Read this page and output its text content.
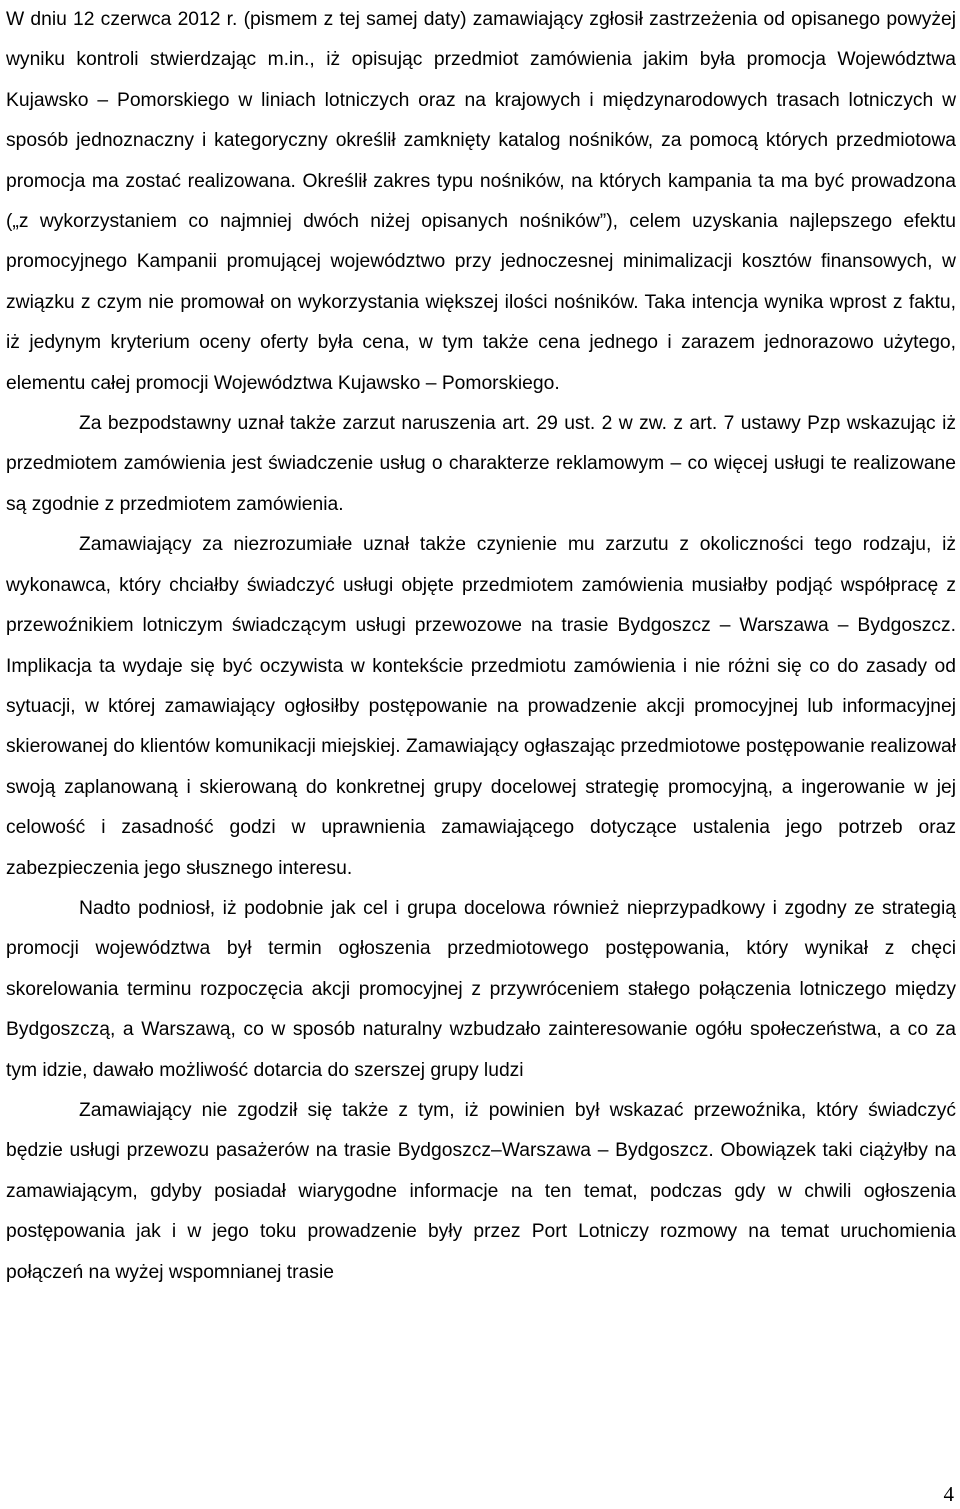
W dniu 12 czerwca 2012 r. (pismem z tej samej daty) zamawiający zgłosił zastrzeżenia od opisanego powyżej wyniku kontroli stwierdzając m.in., iż opisując przedmiot zamówienia jakim była promocja Województwa Kujawsko – Pomorskiego w liniach lotniczych oraz na krajowych i międzynarodowych trasach lotniczych w sposób jednoznaczny i kategoryczny określił zamknięty katalog nośników, za pomocą których przedmiotowa promocja ma zostać realizowana. Określił zakres typu nośników, na których kampania ta ma być prowadzona („z wykorzystaniem co najmniej dwóch niżej opisanych nośników”), celem uzyskania najlepszego efektu promocyjnego Kampanii promującej województwo przy jednoczesnej minimalizacji kosztów finansowych, w związku z czym nie promował on wykorzystania większej ilości nośników. Taka intencja wynika wprost z faktu, iż jedynym kryterium oceny oferty była cena, w tym także cena jednego i zarazem jednorazowo użytego, elementu całej promocji Województwa Kujawsko – Pomorskiego.

Za bezpodstawny uznał także zarzut naruszenia art. 29 ust. 2 w zw. z art. 7 ustawy Pzp wskazując iż przedmiotem zamówienia jest świadczenie usług o charakterze reklamowym – co więcej usługi te realizowane są zgodnie z przedmiotem zamówienia.

Zamawiający za niezrozumiałe uznał także czynienie mu zarzutu z okoliczności tego rodzaju, iż wykonawca, który chciałby świadczyć usługi objęte przedmiotem zamówienia musiałby podjąć współpracę z przewoźnikiem lotniczym świadczącym usługi przewozowe na trasie Bydgoszcz – Warszawa – Bydgoszcz. Implikacja ta wydaje się być oczywista w kontekście przedmiotu zamówienia i nie różni się co do zasady od sytuacji, w której zamawiający ogłosiłby postępowanie na prowadzenie akcji promocyjnej lub informacyjnej skierowanej do klientów komunikacji miejskiej. Zamawiający ogłaszając przedmiotowe postępowanie realizował swoją zaplanowaną i skierowaną do konkretnej grupy docelowej strategię promocyjną, a ingerowanie w jej celowość i zasadność godzi w uprawnienia zamawiającego dotyczące ustalenia jego potrzeb oraz zabezpieczenia jego słusznego interesu.

Nadto podniosł, iż podobnie jak cel i grupa docelowa również nieprzypadkowy i zgodny ze strategią promocji województwa był termin ogłoszenia przedmiotowego postępowania, który wynikał z chęci skorelowania terminu rozpoczęcia akcji promocyjnej z przywróceniem stałego połączenia lotniczego między Bydgoszczą, a Warszawą, co w sposób naturalny wzbudzało zainteresowanie ogółu społeczeństwa, a co za tym idzie, dawało możliwość dotarcia do szerszej grupy ludzi

Zamawiający nie zgodził się także z tym, iż powinien był wskazać przewoźnika, który świadczyć będzie usługi przewozu pasażerów na trasie Bydgoszcz–Warszawa – Bydgoszcz. Obowiązek taki ciążyłby na zamawiającym, gdyby posiadał wiarygodne informacje na ten temat, podczas gdy w chwili ogłoszenia postępowania jak i w jego toku prowadzenie były przez Port Lotniczy rozmowy na temat uruchomienia połączeń na wyżej wspomnianej trasie

4
